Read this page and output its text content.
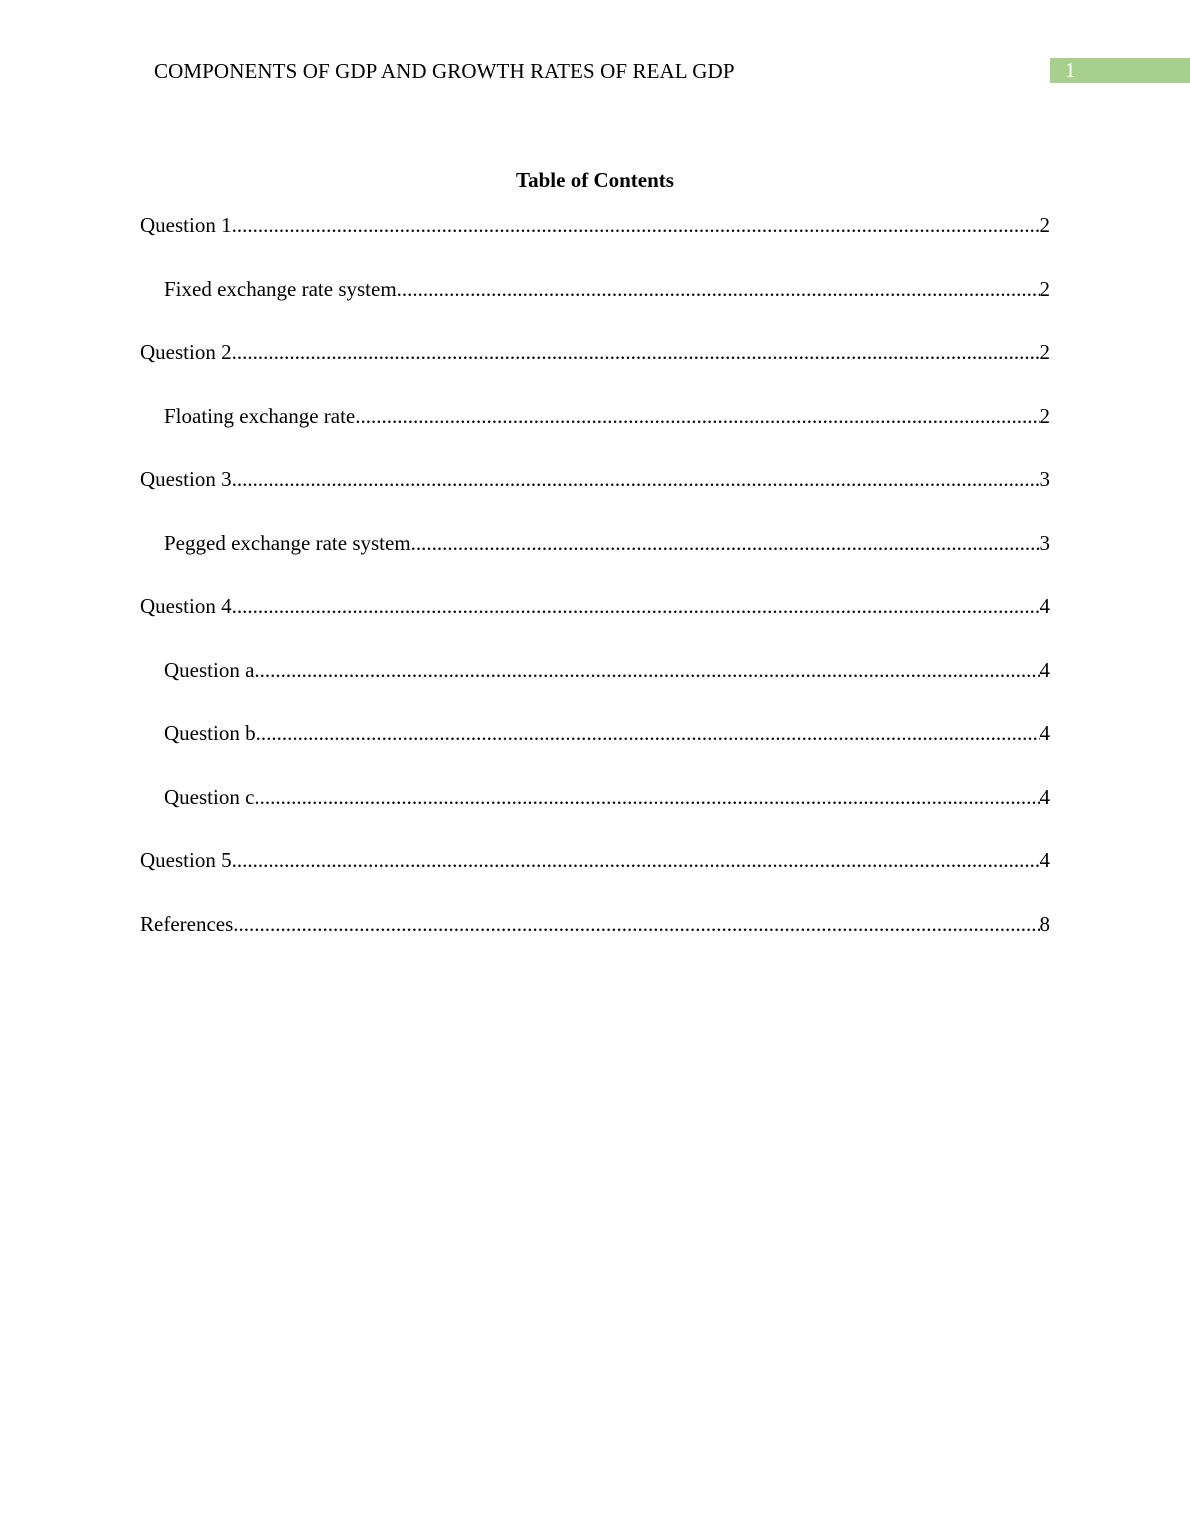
COMPONENTS OF GDP AND GROWTH RATES OF REAL GDP	1
Table of Contents
Question 1 .....	2
Fixed exchange rate system .....	2
Question 2 .....	2
Floating exchange rate .....	2
Question 3 .....	3
Pegged exchange rate system .....	3
Question 4 .....	4
Question a .....	4
Question b .....	4
Question c .....	4
Question 5 .....	4
References .....	8
